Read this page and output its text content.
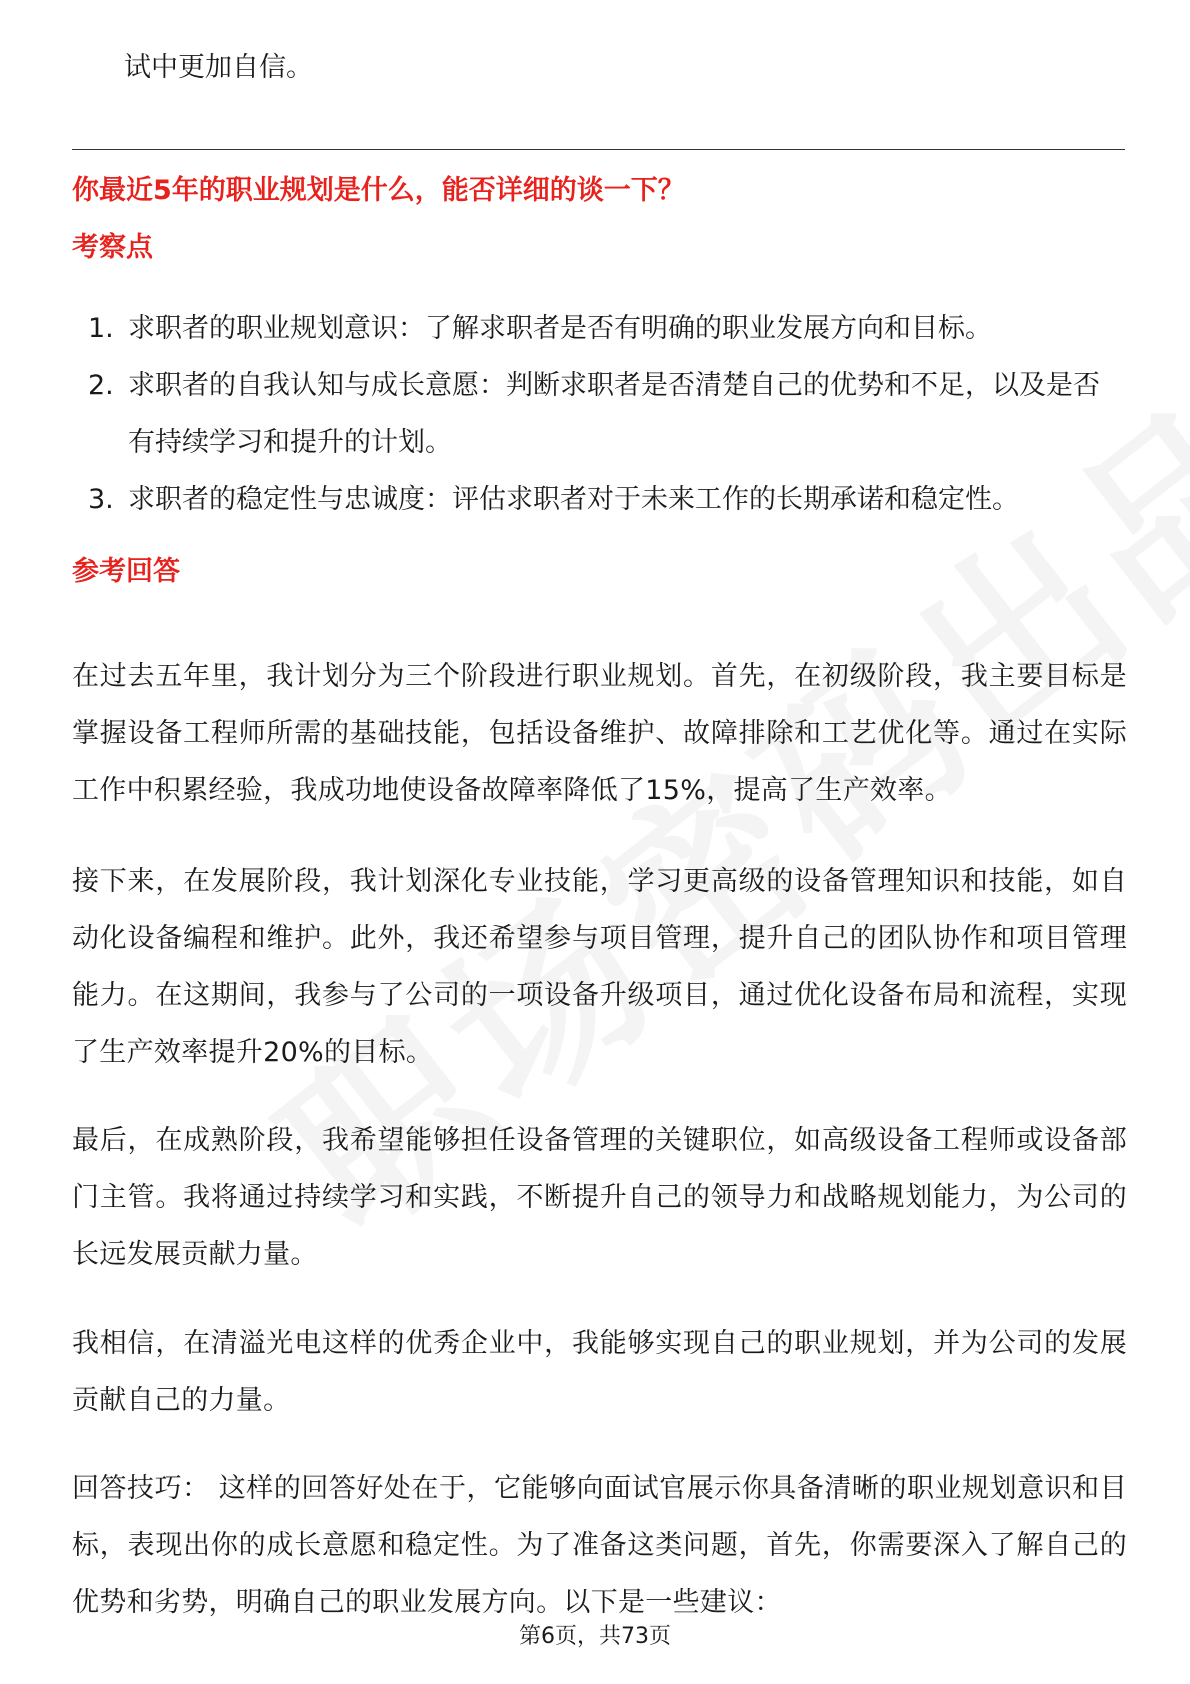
试中更加自信。
你最近5年的职业规划是什么，能否详细的谈一下？
考察点
1. 求职者的职业规划意识：了解求职者是否有明确的职业发展方向和目标。
2. 求职者的自我认知与成长意愿：判断求职者是否清楚自己的优势和不足，以及是否有持续学习和提升的计划。
3. 求职者的稳定性与忠诚度：评估求职者对于未来工作的长期承诺和稳定性。
参考回答

在过去五年里，我计划分为三个阶段进行职业规划。首先，在初级阶段，我主要目标是掌握设备工程师所需的基础技能，包括设备维护、故障排除和工艺优化等。通过在实际工作中积累经验，我成功地使设备故障率降低了15%，提高了生产效率。

接下来，在发展阶段，我计划深化专业技能，学习更高级的设备管理知识和技能，如自动化设备编程和维护。此外，我还希望参与项目管理，提升自己的团队协作和项目管理能力。在这期间，我参与了公司的一项设备升级项目，通过优化设备布局和流程，实现了生产效率提升20%的目标。

最后，在成熟阶段，我希望能够担任设备管理的关键职位，如高级设备工程师或设备部门主管。我将通过持续学习和实践，不断提升自己的领导力和战略规划能力，为公司的长远发展贡献力量。

我相信，在清溢光电这样的优秀企业中，我能够实现自己的职业规划，并为公司的发展贡献自己的力量。

回答技巧： 这样的回答好处在于，它能够向面试官展示你具备清晰的职业规划意识和目标，表现出你的成长意愿和稳定性。为了准备这类问题，首先，你需要深入了解自己的优势和劣势，明确自己的职业发展方向。以下是一些建议：

第6页，共73页
